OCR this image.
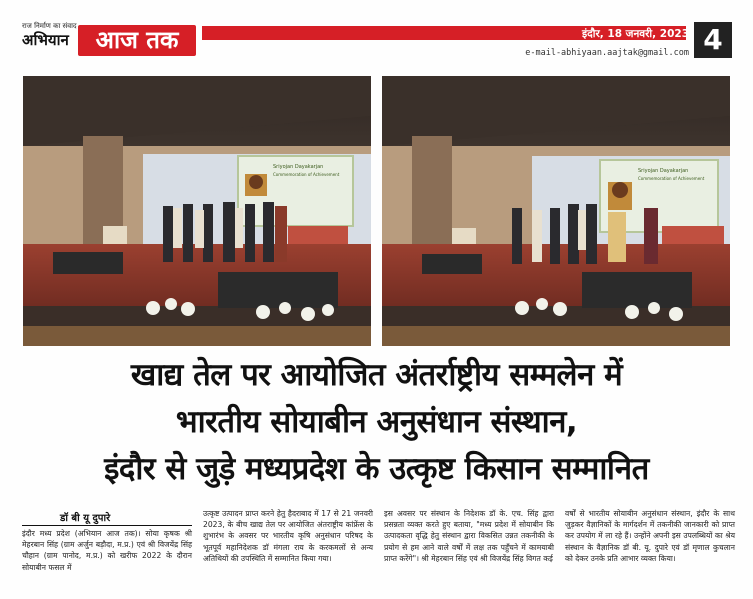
राज निर्माण का संवाद
अभियान	आज तक	इंदौर, 18 जनवरी, 2023
e-mail-abhiyaan.aajtak@gmail.com 4
Sriyojan Dayakarjan
Commemoration of Achievement
Sriyojan Dayakarjan
Commemoration of Achievement
खाद्य तेल पर आयोजित अंतर्राष्ट्रीय सम्मलेन में
भारतीय सोयाबीन अनुसंधान संस्थान,
इंदौर से जुड़े मध्यप्रदेश के उत्कृष्ट किसान सम्मानित
डॉ बी यू दुपारे
इंदौर मध्य प्रदेश (अभियान आज तक)। सोया कृषक श्री मेहरबान सिंह (ग्राम अर्जुन बड़ौदा, म.प्र.) एवं श्री विजयेंद्र सिंह चौहान (ग्राम पानोद, म.प्र.) को खरीफ 2022 के दौरान सोयाबीन फसल में
उत्कृष्ट उत्पादन प्राप्त करने हेतु हैदराबाद में 17 से 21 जनवरी 2023, के बीच खाद्य तेल पर आयोजित अंतराष्ट्रीय कांफ्रेंस के शुभारंभ के अवसर पर भारतीय कृषि अनुसंधान परिषद के भूतपूर्व महानिदेशक डॉ मंगला राय के करकमलों से अन्य अतिथियों की उपस्थिति में सम्मानित किया गया।
इस अवसर पर संस्थान के निदेशक डॉ के. एच. सिंह द्वारा प्रसन्नता व्यक्त करते हुए बताया, "मध्य प्रदेश में सोयाबीन कि उत्पादकता वृद्धि हेतु संस्थान द्वारा विकसित उन्नत तकनीकी के प्रयोग से हम आने वाले वर्षों में लक्ष तक पहुँचने में कामयाबी प्राप्त करेंगे"। श्री मेहरबान सिंह एवं श्री विजयेंद्र सिंह विगत कई
वर्षों से भारतीय सोयाबीन अनुसंधान संस्थान, इंदौर के साथ जुड़कर वैज्ञानिकों के मार्गदर्शन में तकनीकी जानकारी को प्राप्त कर उपयोग में ला रहे हैं। उन्होंने अपनी इस उपलब्धियों का श्रेय संस्थान के वैज्ञानिक डॉ बी. यू. दुपारे एवं डॉ मृणाल कुचलान को देकर उनके प्रति आभार व्यक्त किया।
